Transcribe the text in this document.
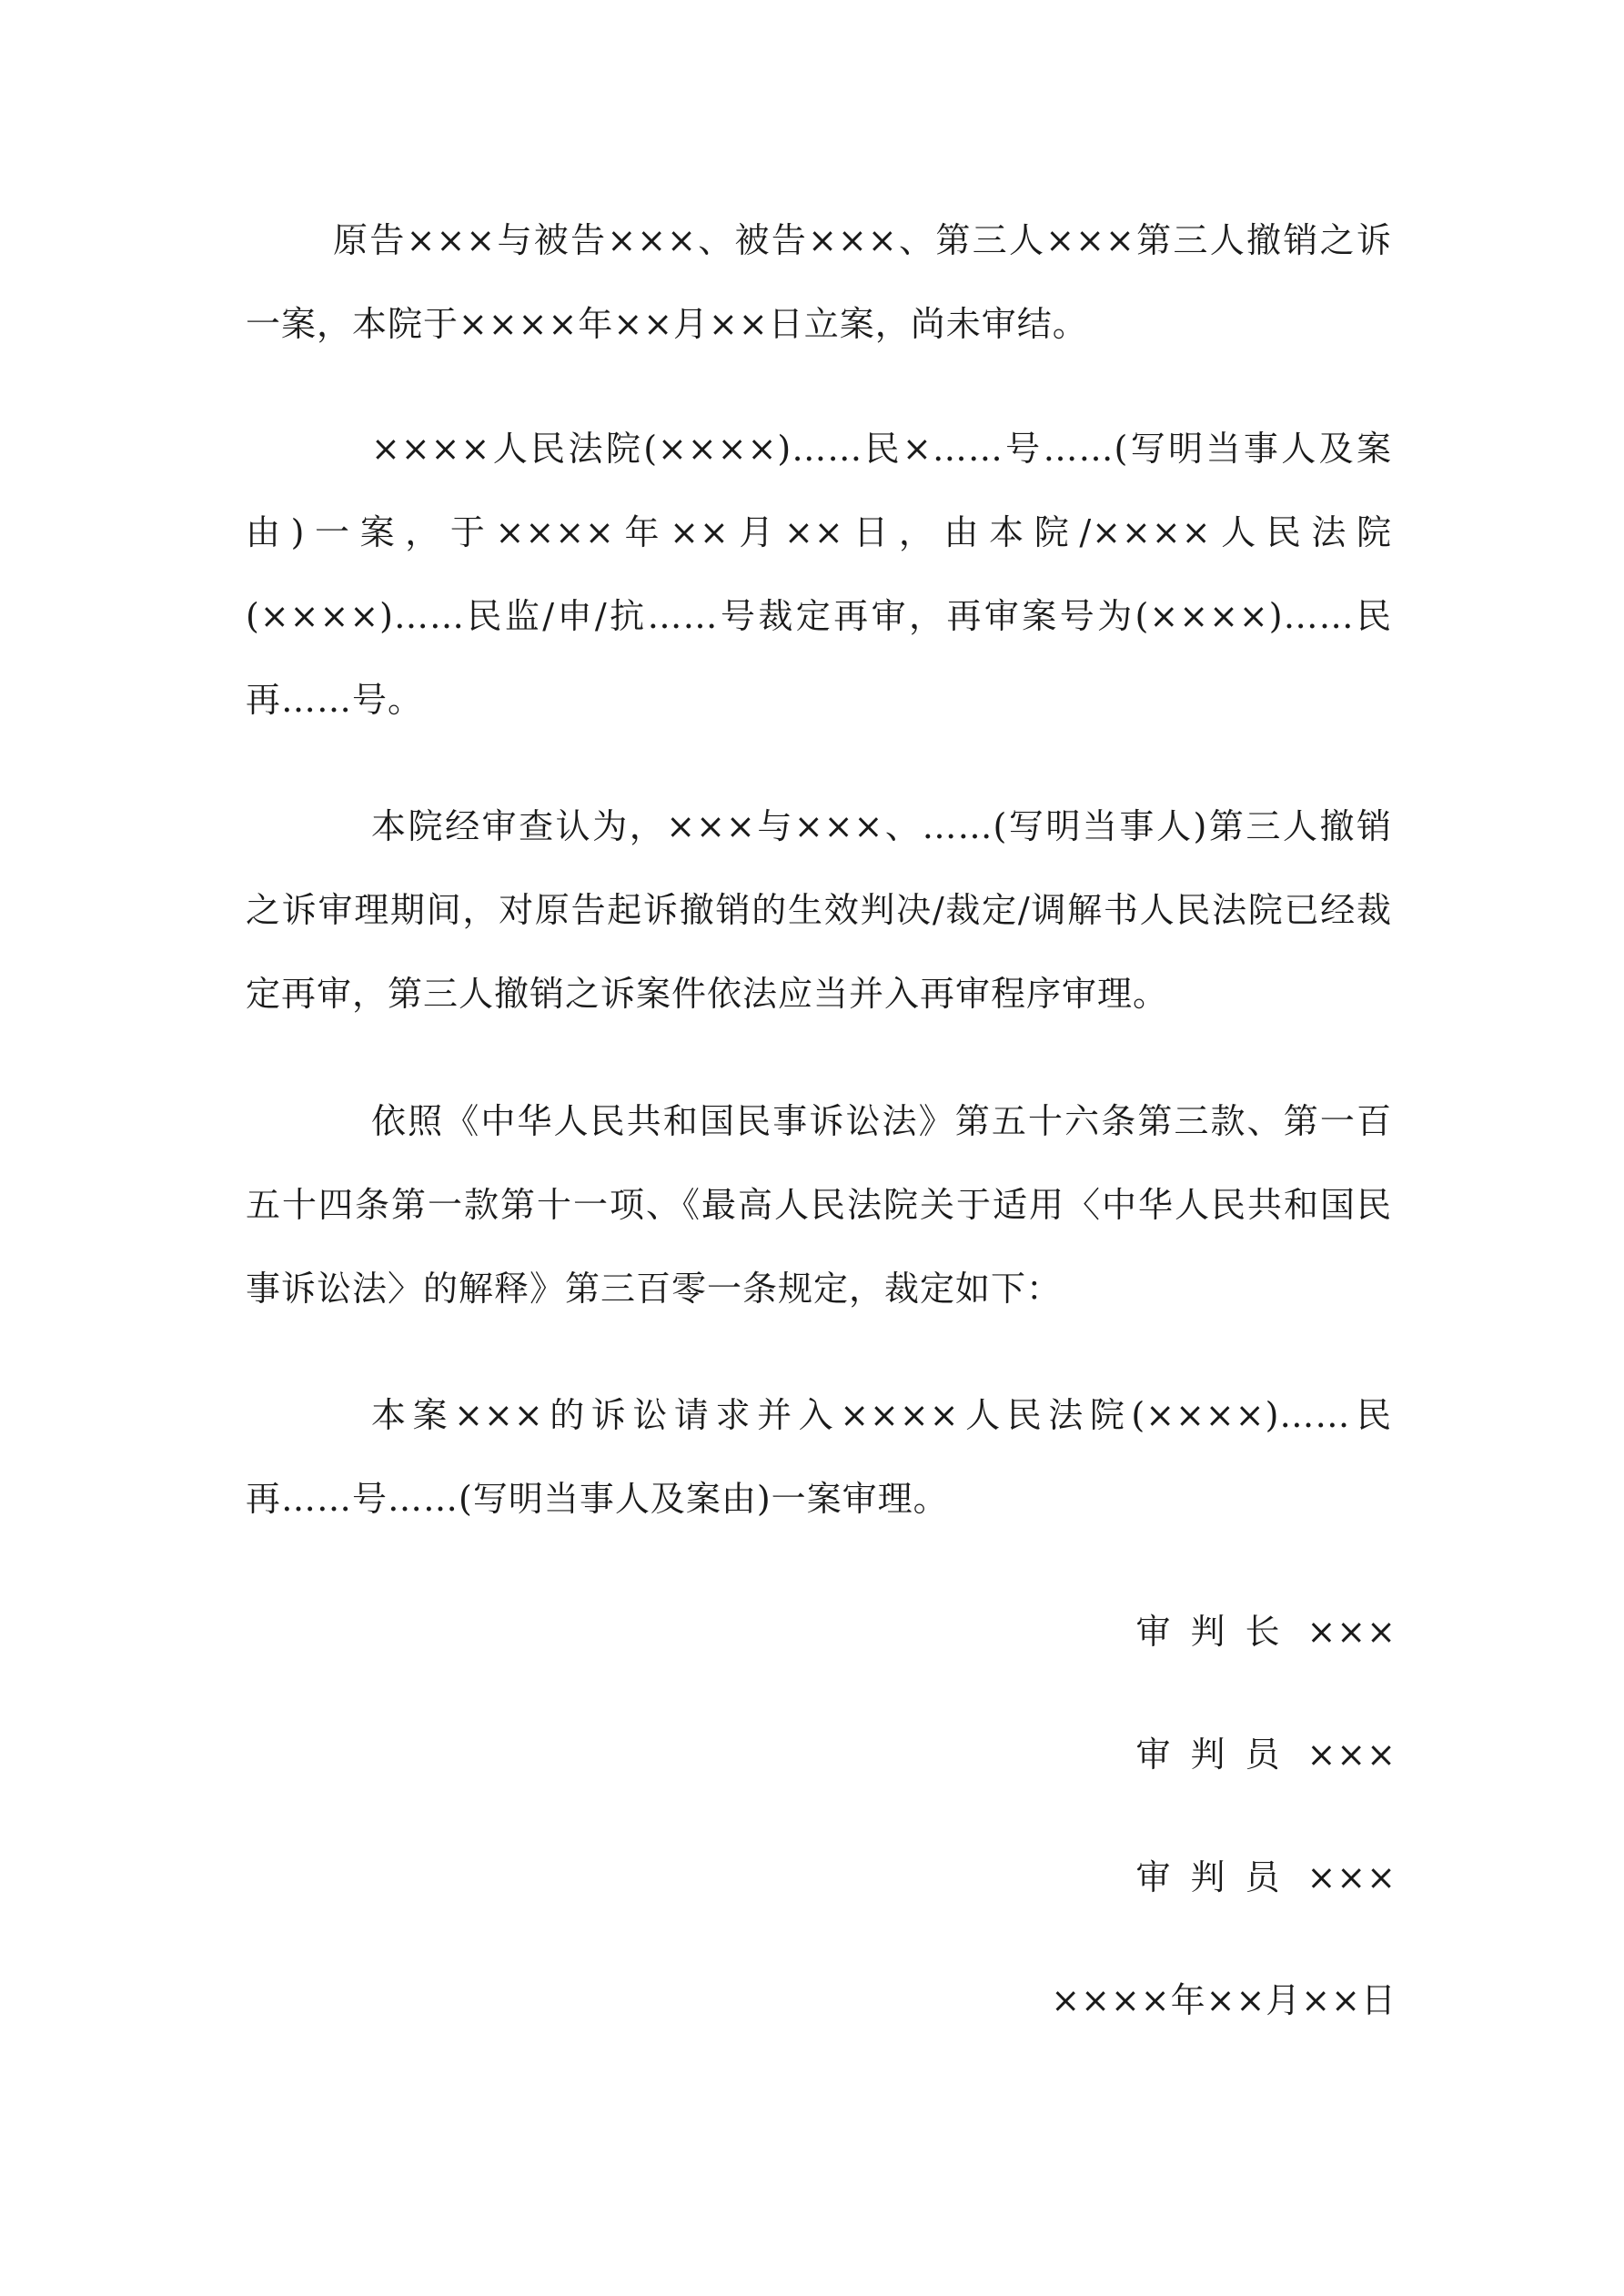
原告×××与被告×××、被告×××、第三人×××第三人撤销之诉一案，本院于××××年××月××日立案，尚未审结。

××××人民法院(××××)……民×……号……(写明当事人及案由)一案，于××××年××月××日，由本院/××××人民法院(××××)……民监/申/抗……号裁定再审，再审案号为(××××)……民再……号。

本院经审查认为，×××与×××、……(写明当事人)第三人撤销之诉审理期间，对原告起诉撤销的生效判决/裁定/调解书人民法院已经裁定再审，第三人撤销之诉案件依法应当并入再审程序审理。

依照《中华人民共和国民事诉讼法》第五十六条第三款、第一百五十四条第一款第十一项、《最高人民法院关于适用〈中华人民共和国民事诉讼法〉的解释》第三百零一条规定，裁定如下：

本案×××的诉讼请求并入××××人民法院(××××)……民再……号……(写明当事人及案由)一案审理。

审判长 ×××
审判员 ×××
审判员 ×××
××××年××月××日
